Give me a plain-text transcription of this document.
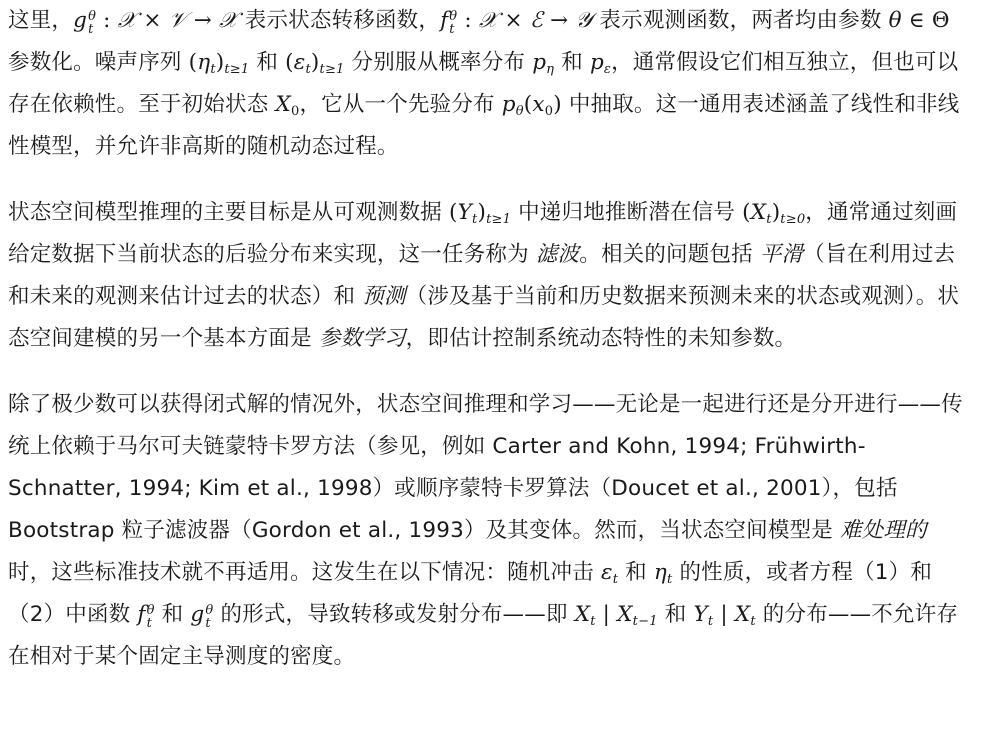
这里，g θ
t : 𝒳 × 𝒱 → 𝒳 表示状态转移函数，f θ
t : 𝒳 × ℰ → 𝒴 表示观测函数，两者均由参数 θ ∈ Θ 参数化。噪声序列 $(\eta_t)_{t\ge 1}$ 和 $(\varepsilon_t)_{t\ge 1}$ 分别服从概率分布 $p_\eta$ 和 $p_\varepsilon$，通常假设它们相互独立，但也可以存在依赖性。至于初始状态 $X_0$，它从一个先验分布 $p_\theta(x_0)$ 中抽取。这一通用表述涵盖了线性和非线性模型，并允许非高斯的随机动态过程。

状态空间模型推理的主要目标是从可观测数据 $(Y_t)_{t\ge 1}$ 中递归地推断潜在信号 $(X_t)_{t\ge 0}$，通常通过刻画给定数据下当前状态的后验分布来实现，这一任务称为 滤波。相关的问题包括 平滑（旨在利用过去和未来的观测来估计过去的状态）和 预测（涉及基于当前和历史数据来预测未来的状态或观测）。状态空间建模的另一个基本方面是 参数学习，即估计控制系统动态特性的未知参数。

除了极少数可以获得闭式解的情况外，状态空间推理和学习——无论是一起进行还是分开进行——传统上依赖于马尔可夫链蒙特卡罗方法（参见，例如 Carter and Kohn, 1994; Frühwirth-Schnatter, 1994; Kim et al., 1998）或顺序蒙特卡罗算法（Doucet et al., 2001），包括 Bootstrap 粒子滤波器（Gordon et al., 1993）及其变体。然而，当状态空间模型是 难处理的 时，这些标准技术就不再适用。这发生在以下情况：随机冲击 $\varepsilon_t$ 和 $\eta_t$ 的性质，或者方程（1）和（2）中函数 f θ
t 和 g θ
t 的形式，导致转移或发射分布——即 $X_t$ | $X_{t-1}$ 和 $Y_t$ | $X_t$ 的分布——不允许存在相对于某个固定主导测度的密度。
